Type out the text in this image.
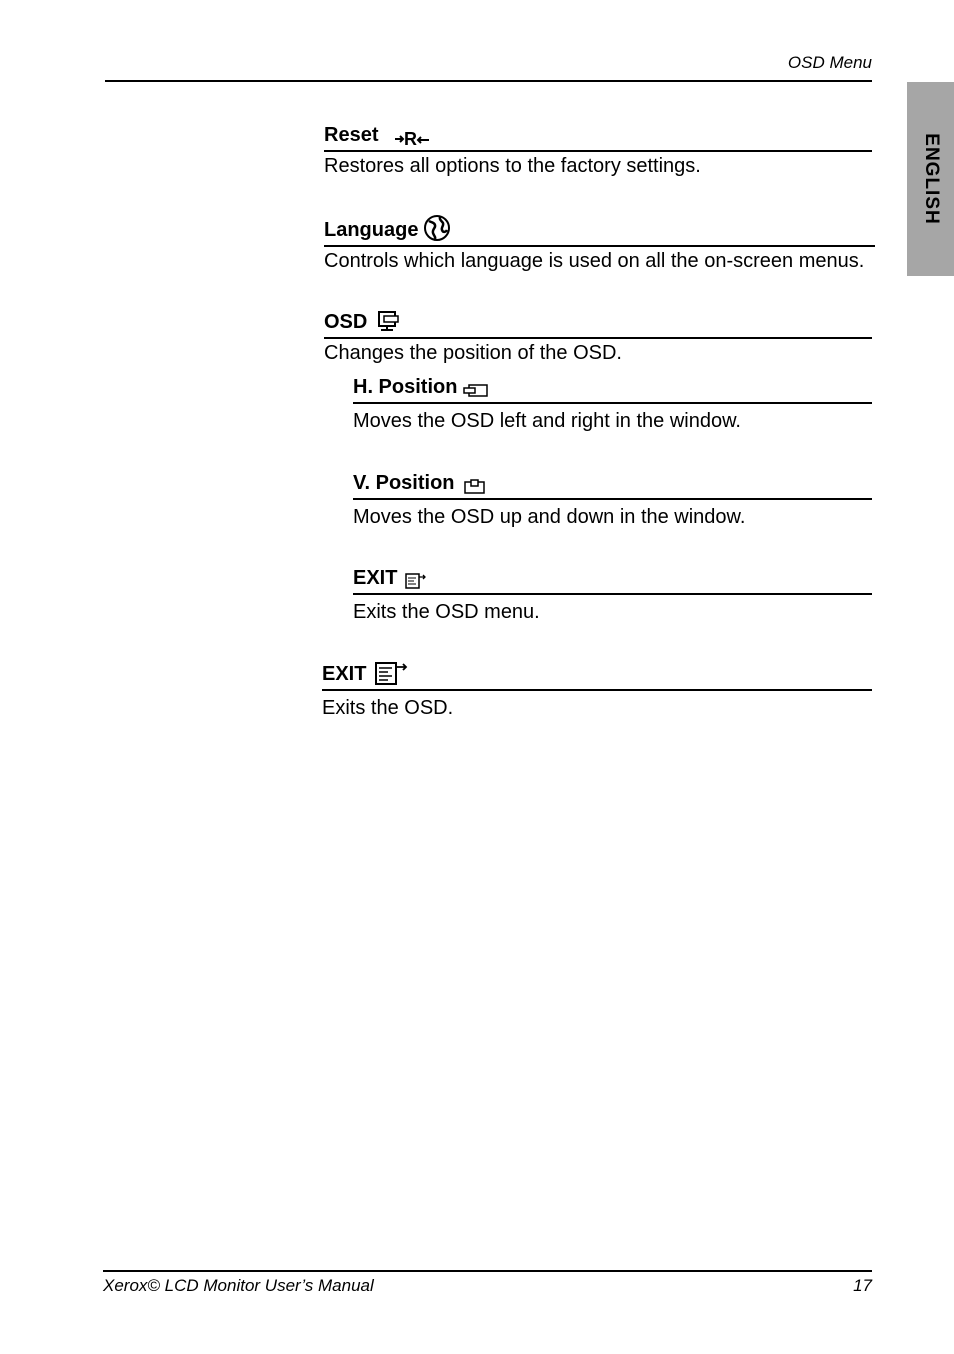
OSD Menu
ENGLISH
Reset R
Restores all options to the factory settings.
Language
Controls which language is used on all the on-screen menus.
OSD
Changes the position of the OSD.
H. Position
Moves the OSD left and right in the window.
V. Position
Moves the OSD up and down in the window.
EXIT
Exits the OSD menu.
EXIT
Exits the OSD.
Xerox© LCD Monitor User’s Manual	17
